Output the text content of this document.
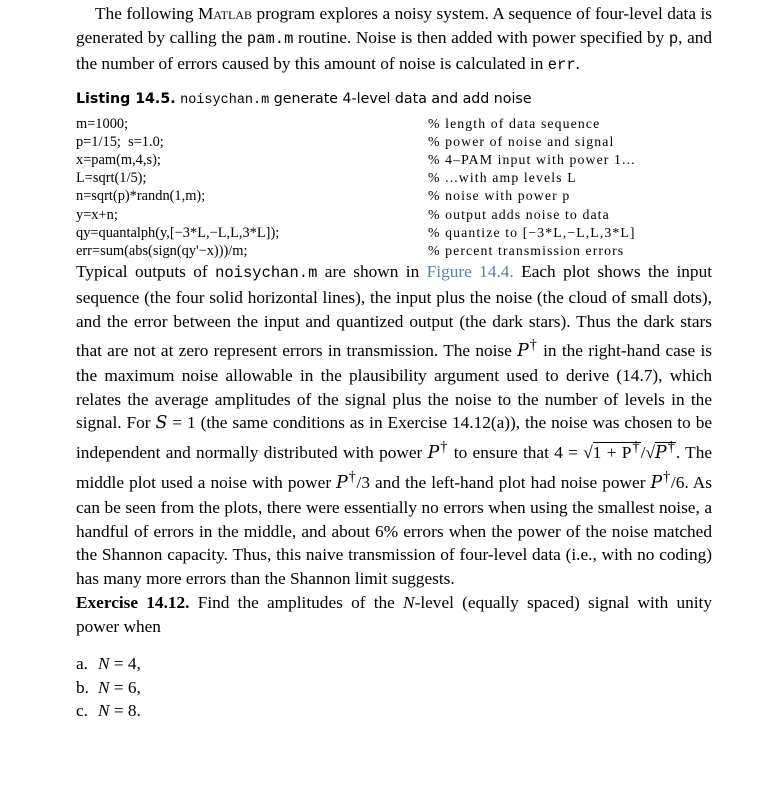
The following Matlab program explores a noisy system. A sequence of four-level data is generated by calling the pam.m routine. Noise is then added with power specified by p, and the number of errors caused by this amount of noise is calculated in err.

Listing 14.5. noisychan.m generate 4-level data and add noise
m=1000;	% length of data sequence
p=1/15;  s=1.0;	% power of noise and signal
x=pam(m,4,s);	% 4–PAM input with power 1...
L=sqrt(1/5);	% ...with amp levels L
n=sqrt(p)*randn(1,m);	% noise with power p
y=x+n;	% output adds noise to data
qy=quantalph(y,[−3*L,−L,L,3*L]);	% quantize to [−3*L,−L,L,3*L]
err=sum(abs(sign(qy'−x)))/m;	% percent transmission errors

Typical outputs of noisychan.m are shown in Figure 14.4. Each plot shows the input sequence (the four solid horizontal lines), the input plus the noise (the cloud of small dots), and the error between the input and quantized output (the dark stars). Thus the dark stars that are not at zero represent errors in transmission. The noise P† in the right-hand case is the maximum noise allowable in the plausibility argument used to derive (14.7), which relates the average amplitudes of the signal plus the noise to the number of levels in the signal. For S = 1 (the same conditions as in Exercise 14.12(a)), the noise was chosen to be independent and normally distributed with power P† to ensure that 4 = √1 + P†/√P†. The middle plot used a noise with power P†/3 and the left-hand plot had noise power P†/6. As can be seen from the plots, there were essentially no errors when using the smallest noise, a handful of errors in the middle, and about 6% errors when the power of the noise matched the Shannon capacity. Thus, this naive transmission of four-level data (i.e., with no coding) has many more errors than the Shannon limit suggests.

Exercise 14.12. Find the amplitudes of the N-level (equally spaced) signal with unity power when

a. N = 4,
b. N = 6,
c. N = 8.
